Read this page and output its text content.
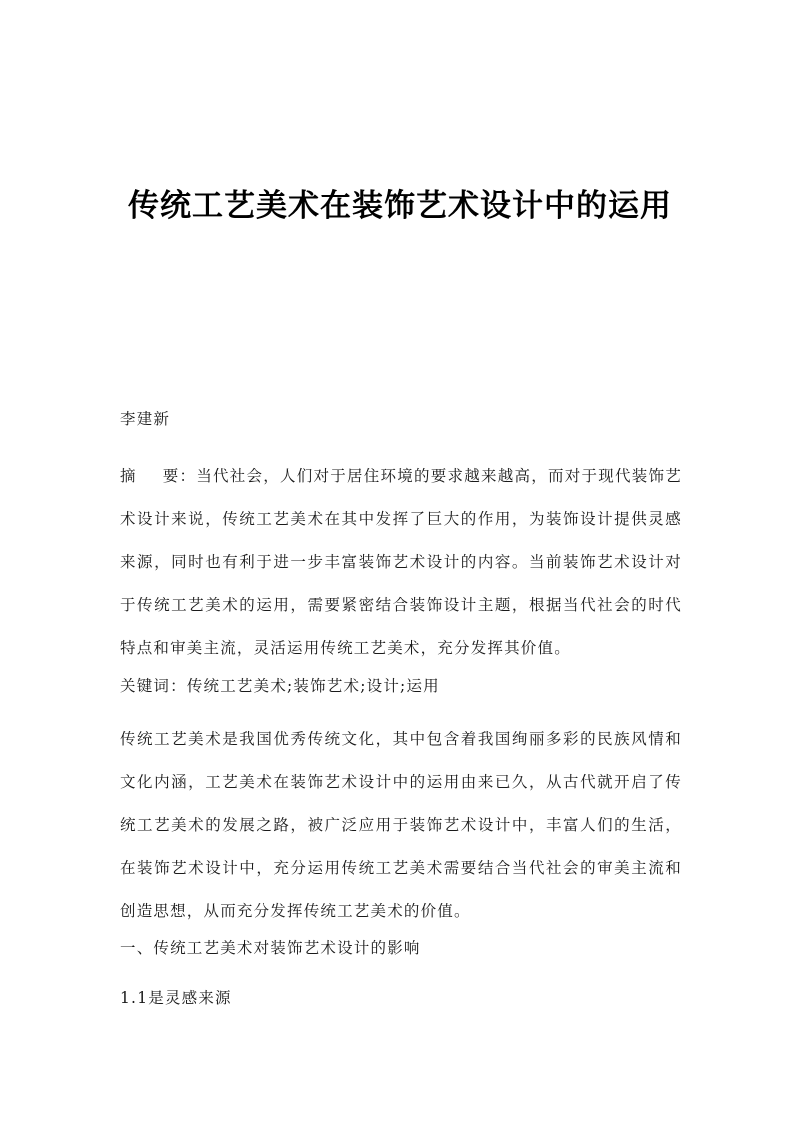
传统工艺美术在装饰艺术设计中的运用
李建新
摘 要：当代社会，人们对于居住环境的要求越来越高，而对于现代装饰艺术设计来说，传统工艺美术在其中发挥了巨大的作用，为装饰设计提供灵感来源，同时也有利于进一步丰富装饰艺术设计的内容。当前装饰艺术设计对于传统工艺美术的运用，需要紧密结合装饰设计主题，根据当代社会的时代特点和审美主流，灵活运用传统工艺美术，充分发挥其价值。
关键词：传统工艺美术;装饰艺术;设计;运用
传统工艺美术是我国优秀传统文化，其中包含着我国绚丽多彩的民族风情和文化内涵，工艺美术在装饰艺术设计中的运用由来已久，从古代就开启了传统工艺美术的发展之路，被广泛应用于装饰艺术设计中，丰富人们的生活，在装饰艺术设计中，充分运用传统工艺美术需要结合当代社会的审美主流和创造思想，从而充分发挥传统工艺美术的价值。
一、传统工艺美术对装饰艺术设计的影响
1.1是灵感来源
